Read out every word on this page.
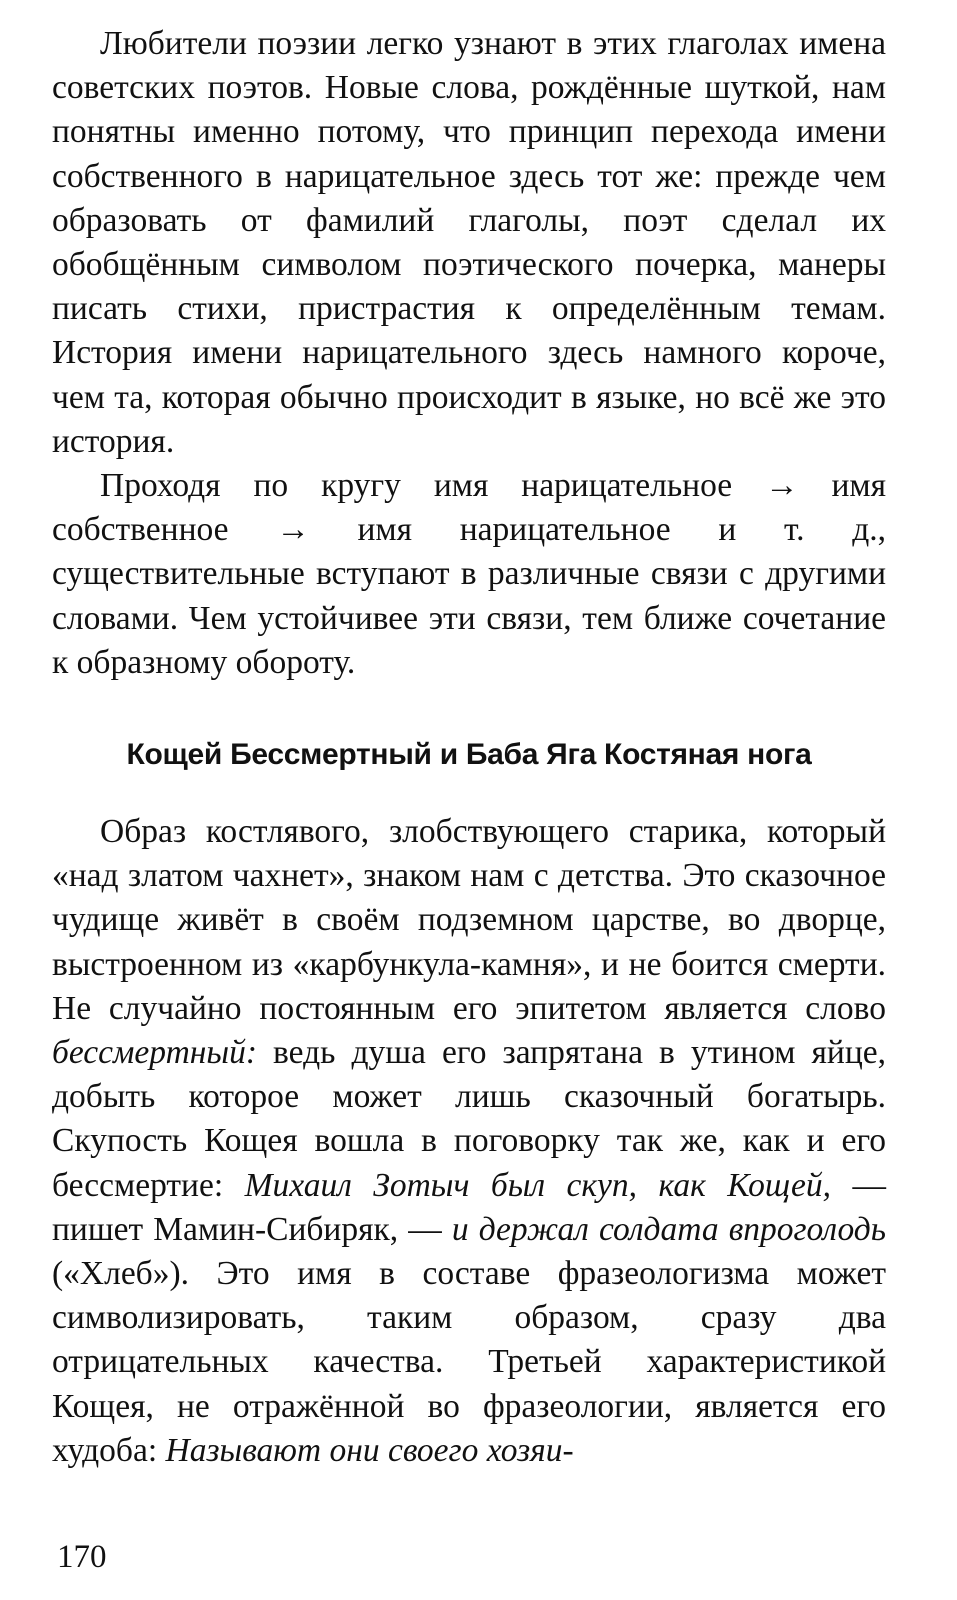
Любители поэзии легко узнают в этих глаголах имена советских поэтов. Новые слова, рождённые шуткой, нам понятны именно потому, что принцип перехода имени собственного в нарицательное здесь тот же: прежде чем образовать от фамилий глаголы, поэт сделал их обобщённым символом поэтического почерка, манеры писать стихи, пристрастия к определённым темам. История имени нарицательного здесь намного короче, чем та, которая обычно происходит в языке, но всё же это история.

Проходя по кругу имя нарицательное → имя собственное → имя нарицательное и т. д., существительные вступают в различные связи с другими словами. Чем устойчивее эти связи, тем ближе сочетание к образному обороту.

Кощей Бессмертный и Баба Яга Костяная нога

Образ костлявого, злобствующего старика, который «над златом чахнет», знаком нам с детства. Это сказочное чудище живёт в своём подземном царстве, во дворце, выстроенном из «карбункула-камня», и не боится смерти. Не случайно постоянным его эпитетом является слово бессмертный: ведь душа его запрятана в утином яйце, добыть которое может лишь сказочный богатырь. Скупость Кощея вошла в поговорку так же, как и его бессмертие: Михаил Зотыч был скуп, как Кощей, — пишет Мамин-Сибиряк, — и держал солдата впроголодь («Хлеб»). Это имя в составе фразеологизма может символизировать, таким образом, сразу два отрицательных качества. Третьей характеристикой Кощея, не отражённой во фразеологии, является его худоба: Называют они своего хозяи-

170
